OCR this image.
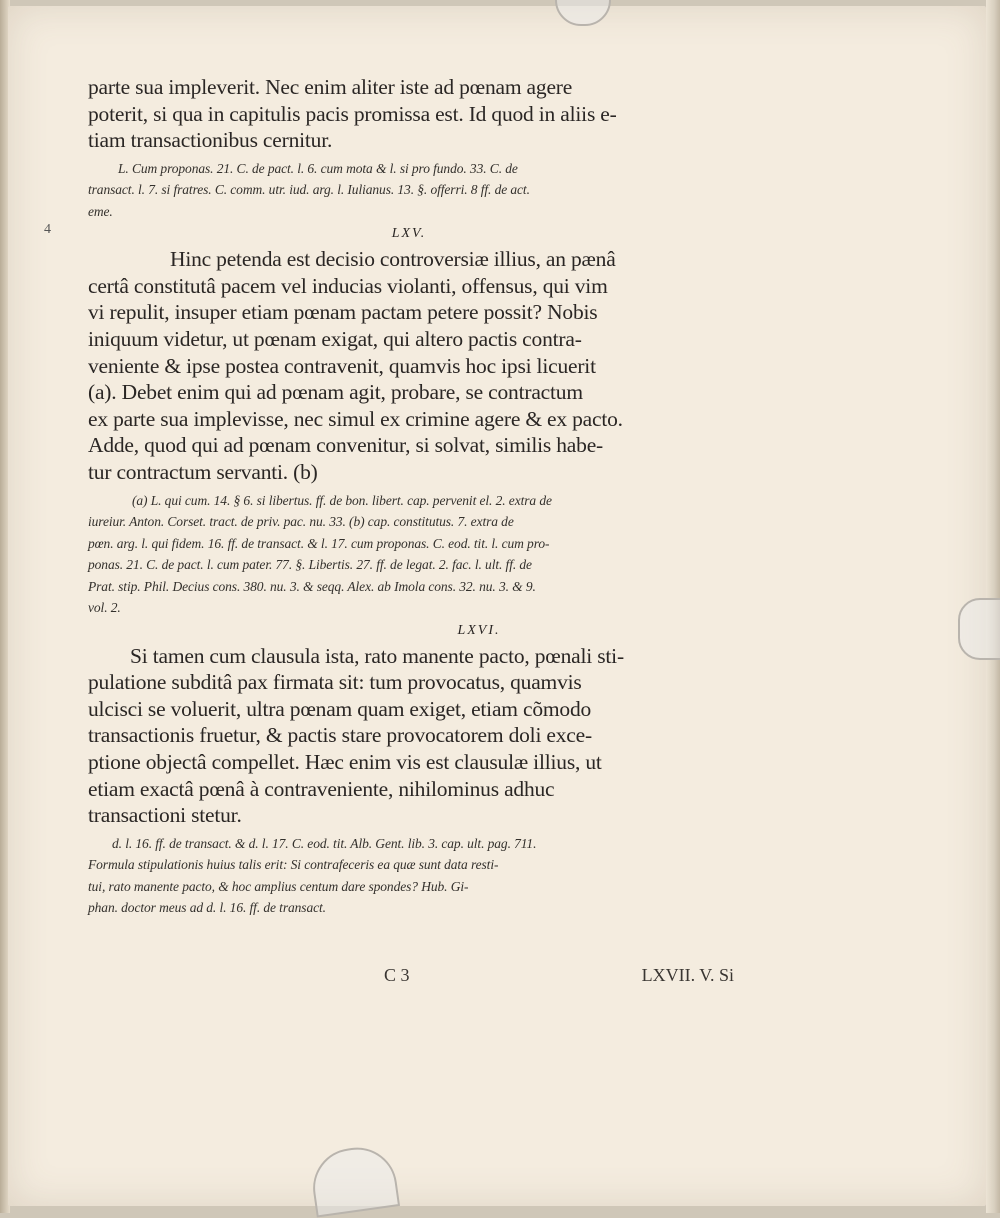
4
parte sua impleverit. Nec enim aliter iste ad pœnam agere
poterit, si qua in capitulis pacis promissa est. Id quod in aliis e-
tiam transactionibus cernitur.
L. Cum proponas. 21. C. de pact. l. 6. cum mota & l. si pro fundo. 33. C. de
transact. l. 7. si fratres. C. comm. utr. iud. arg. l. Iulianus. 13. §. offerri. 8 ff. de act.
eme.
LXV.
Hinc petenda est decisio controversiæ illius, an pænâ
certâ constitutâ pacem vel inducias violanti, offensus, qui vim
vi repulit, insuper etiam pœnam pactam petere possit? Nobis
iniquum videtur, ut pœnam exigat, qui altero pactis contra-
veniente & ipse postea contravenit, quamvis hoc ipsi licuerit
(a). Debet enim qui ad pœnam agit, probare, se contractum
ex parte sua implevisse, nec simul ex crimine agere & ex pacto.
Adde, quod qui ad pœnam convenitur, si solvat, similis habe-
tur contractum servanti. (b)
(a) L. qui cum. 14. § 6. si libertus. ff. de bon. libert. cap. pervenit el. 2. extra de
iureiur. Anton. Corset. tract. de priv. pac. nu. 33. (b) cap. constitutus. 7. extra de
pœn. arg. l. qui fidem. 16. ff. de transact. & l. 17. cum proponas. C. eod. tit. l. cum pro-
ponas. 21. C. de pact. l. cum pater. 77. §. Libertis. 27. ff. de legat. 2. fac. l. ult. ff. de
Prat. stip. Phil. Decius cons. 380. nu. 3. & seqq. Alex. ab Imola cons. 32. nu. 3. & 9.
vol. 2.
LXVI.
Si tamen cum clausula ista, rato manente pacto, pœnali sti-
pulatione subditâ pax firmata sit: tum provocatus, quamvis
ulcisci se voluerit, ultra pœnam quam exiget, etiam cõmodo
transactionis fruetur, & pactis stare provocatorem doli exce-
ptione objectâ compellet. Hæc enim vis est clausulæ illius, ut
etiam exactâ pœnâ à contraveniente, nihilominus adhuc
transactioni stetur.
d. l. 16. ff. de transact. & d. l. 17. C. eod. tit. Alb. Gent. lib. 3. cap. ult. pag. 711.
Formula stipulationis huius talis erit: Si contrafeceris ea quæ sunt data resti-
tui, rato manente pacto, & hoc amplius centum dare spondes? Hub. Gi-
phan. doctor meus ad d. l. 16. ff. de transact.
C 3	LXVII. V. Si
